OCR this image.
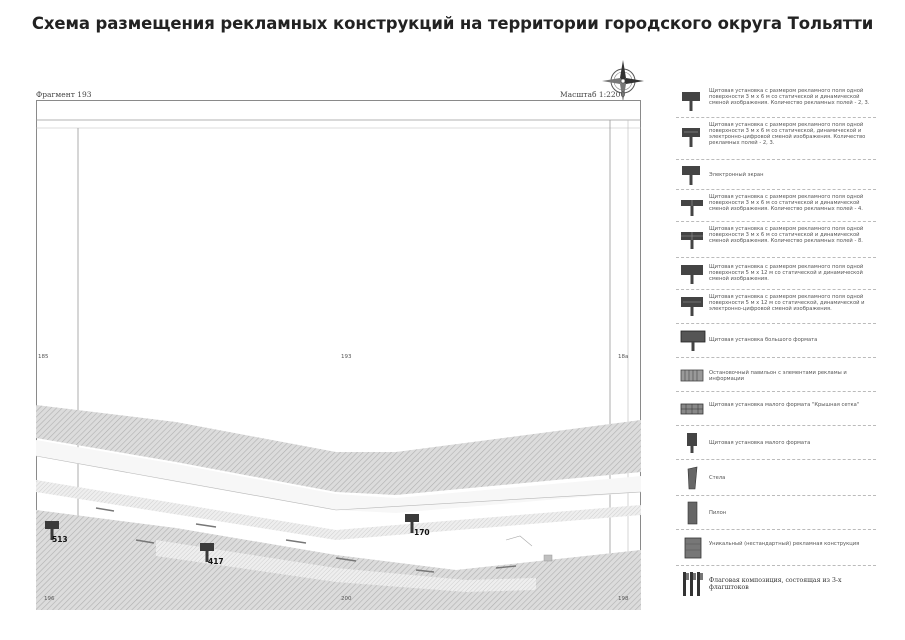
Схема размещения рекламных конструкций на территории городского округа Тольятти
Фрагмент 193	Масштаб 1:2200
185	193	18a
196	200	198
513
417
170
Щитовая установка с размером рекламного поля одной поверхности 3 м х 6 м со статической и динамической сменой изображения. Количество рекламных полей - 2, 3.
Щитовая установка с размером рекламного поля одной поверхности 3 м х 6 м со статической, динамической и электронно-цифровой сменой изображения. Количество рекламных полей - 2, 3.
Электронный экран
Щитовая установка с размером рекламного поля одной поверхности 3 м х 6 м со статической и динамической сменой изображения. Количество рекламных полей - 4.
Щитовая установка с размером рекламного поля одной поверхности 3 м х 6 м со статической и динамической сменой изображения. Количество рекламных полей - 8.
Щитовая установка с размером рекламного поля одной поверхности 5 м х 12 м со статической и динамической сменой изображения.
Щитовая установка с размером рекламного поля одной поверхности 5 м х 12 м со статической, динамической и электронно-цифровой сменой изображения.
Щитовая установка большого формата
Остановочный павильон с элементами рекламы и информации
Щитовая установка малого формата "Крышная сетка"
Щитовая установка малого формата
Стела
Пилон
Уникальный (нестандартный) рекламная конструкция
Флаговая композиция, состоящая из 3-х флагштоков
